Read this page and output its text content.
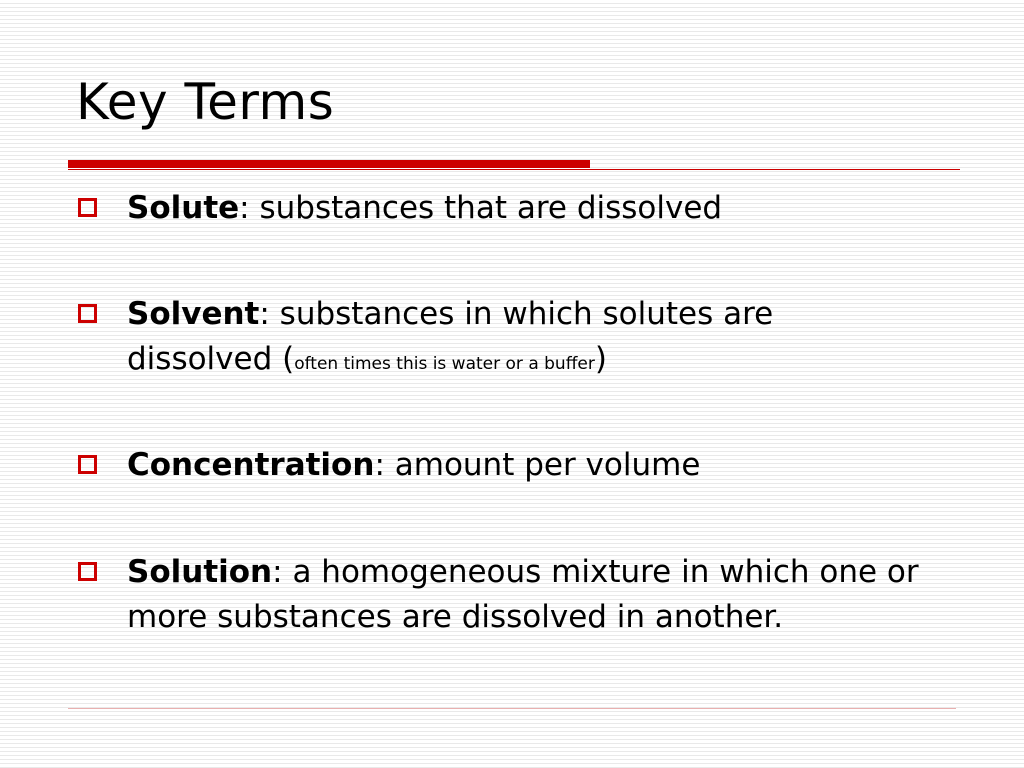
Key Terms
Solute: substances that are dissolved
Solvent: substances in which solutes are dissolved (often times this is water or a buffer)
Concentration: amount per volume
Solution: a homogeneous mixture in which one or more substances are dissolved in another.
